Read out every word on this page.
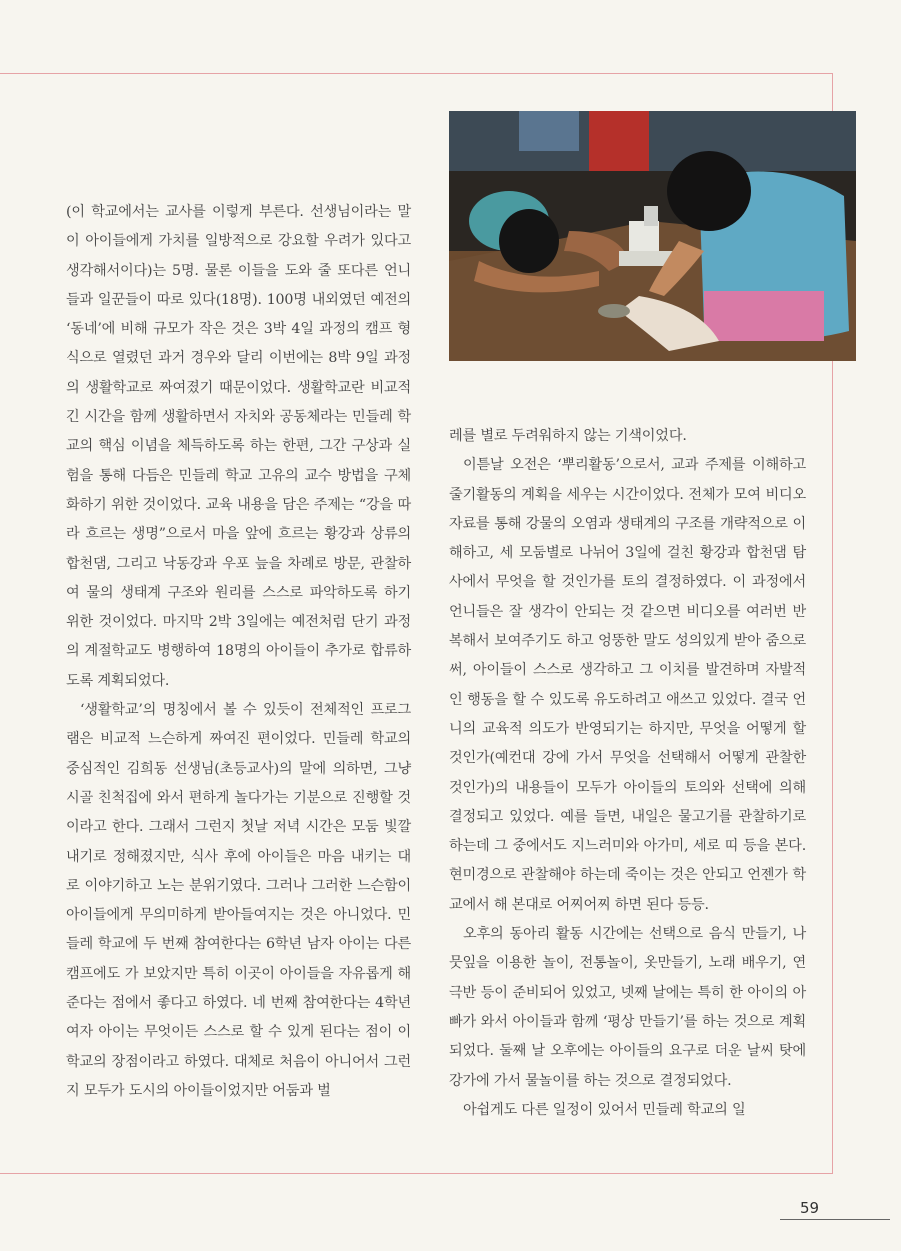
(이 학교에서는 교사를 이렇게 부른다. 선생님이라는 말이 아이들에게 가치를 일방적으로 강요할 우려가 있다고 생각해서이다)는 5명. 물론 이들을 도와 줄 또다른 언니들과 일꾼들이 따로 있다(18명). 100명 내외였던 예전의 ‘동네’에 비해 규모가 작은 것은 3박 4일 과정의 캠프 형식으로 열렸던 과거 경우와 달리 이번에는 8박 9일 과정의 생활학교로 짜여졌기 때문이었다. 생활학교란 비교적 긴 시간을 함께 생활하면서 자치와 공동체라는 민들레 학교의 핵심 이념을 체득하도록 하는 한편, 그간 구상과 실험을 통해 다듬은 민들레 학교 고유의 교수 방법을 구체화하기 위한 것이었다. 교육 내용을 담은 주제는 “강을 따라 흐르는 생명”으로서 마을 앞에 흐르는 황강과 상류의 합천댐, 그리고 낙동강과 우포 늪을 차례로 방문, 관찰하여 물의 생태계 구조와 원리를 스스로 파악하도록 하기 위한 것이었다. 마지막 2박 3일에는 예전처럼 단기 과정의 계절학교도 병행하여 18명의 아이들이 추가로 합류하도록 계획되었다.

‘생활학교’의 명칭에서 볼 수 있듯이 전체적인 프로그램은 비교적 느슨하게 짜여진 편이었다. 민들레 학교의 중심적인 김희동 선생님(초등교사)의 말에 의하면, 그냥 시골 친척집에 와서 편하게 놀다가는 기분으로 진행할 것이라고 한다. 그래서 그런지 첫날 저녁 시간은 모둠 빛깔내기로 정해졌지만, 식사 후에 아이들은 마음 내키는 대로 이야기하고 노는 분위기였다. 그러나 그러한 느슨함이 아이들에게 무의미하게 받아들여지는 것은 아니었다. 민들레 학교에 두 번째 참여한다는 6학년 남자 아이는 다른 캠프에도 가 보았지만 특히 이곳이 아이들을 자유롭게 해 준다는 점에서 좋다고 하였다. 네 번째 참여한다는 4학년 여자 아이는 무엇이든 스스로 할 수 있게 된다는 점이 이 학교의 장점이라고 하였다. 대체로 처음이 아니어서 그런지 모두가 도시의 아이들이었지만 어둠과 벌

레를 별로 두려워하지 않는 기색이었다.

이튿날 오전은 ‘뿌리활동’으로서, 교과 주제를 이해하고 줄기활동의 계획을 세우는 시간이었다. 전체가 모여 비디오 자료를 통해 강물의 오염과 생태계의 구조를 개략적으로 이해하고, 세 모둠별로 나뉘어 3일에 걸친 황강과 합천댐 탐사에서 무엇을 할 것인가를 토의 결정하였다. 이 과정에서 언니들은 잘 생각이 안되는 것 같으면 비디오를 여러번 반복해서 보여주기도 하고 엉뚱한 말도 성의있게 받아 줌으로써, 아이들이 스스로 생각하고 그 이치를 발견하며 자발적인 행동을 할 수 있도록 유도하려고 애쓰고 있었다. 결국 언니의 교육적 의도가 반영되기는 하지만, 무엇을 어떻게 할 것인가(예컨대 강에 가서 무엇을 선택해서 어떻게 관찰한 것인가)의 내용들이 모두가 아이들의 토의와 선택에 의해 결정되고 있었다. 예를 들면, 내일은 물고기를 관찰하기로 하는데 그 중에서도 지느러미와 아가미, 세로 띠 등을 본다. 현미경으로 관찰해야 하는데 죽이는 것은 안되고 언젠가 학교에서 해 본대로 어찌어찌 하면 된다 등등.

오후의 동아리 활동 시간에는 선택으로 음식 만들기, 나뭇잎을 이용한 놀이, 전통놀이, 옷만들기, 노래 배우기, 연극반 등이 준비되어 있었고, 넷째 날에는 특히 한 아이의 아빠가 와서 아이들과 함께 ‘평상 만들기’를 하는 것으로 계획되었다. 둘째 날 오후에는 아이들의 요구로 더운 날씨 탓에 강가에 가서 물놀이를 하는 것으로 결정되었다.

아쉽게도 다른 일정이 있어서 민들레 학교의 일

59
